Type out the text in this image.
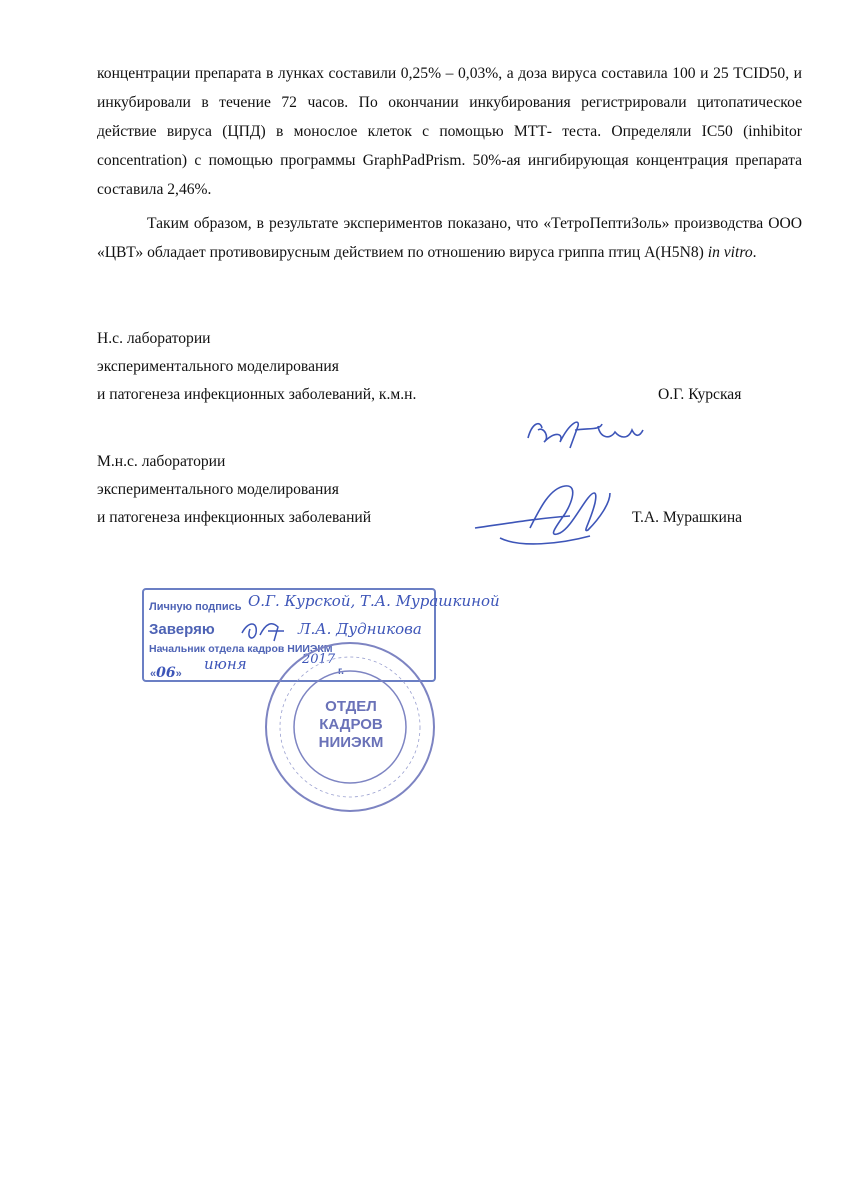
концентрации препарата в лунках составили 0,25% – 0,03%, а доза вируса составила 100 и 25 TCID50, и инкубировали в течение 72 часов. По окончании инкубирования регистрировали цитопатическое действие вируса (ЦПД) в монослое клеток с помощью МТТ- теста. Определяли IC50 (inhibitor concentration) с помощью программы GraphPadPrism. 50%-ая ингибирующая концентрация препарата составила 2,46%.

Таким образом, в результате экспериментов показано, что «ТетроПептиЗоль» производства ООО «ЦВТ» обладает противовирусным действием по отношению вируса гриппа птиц A(H5N8) in vitro.

Н.с. лаборатории
экспериментального моделирования
и патогенеза инфекционных заболеваний, к.м.н.	О.Г. Курская
М.н.с. лаборатории
экспериментального моделирования
и патогенеза инфекционных заболеваний	Т.А. Мурашкина
Личную подпись
Заверяю
Начальник отдела кадров НИИЭКМ
«06»
О.Г. Курской, Т.А. Мурашкиной
Л.А. Дудникова
июня	2017
г.
ОТДЕЛ
КАДРОВ
НИИЭКМ
